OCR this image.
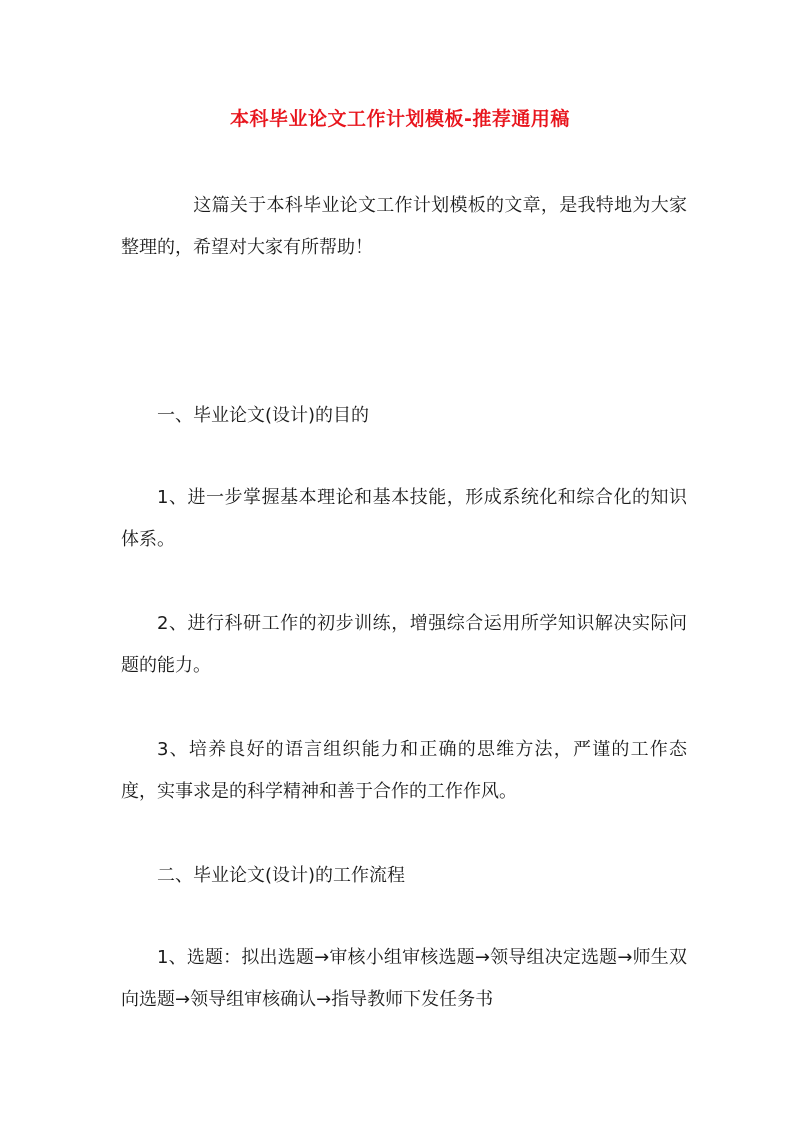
本科毕业论文工作计划模板-推荐通用稿

这篇关于本科毕业论文工作计划模板的文章，是我特地为大家整理的，希望对大家有所帮助！

一、毕业论文(设计)的目的

1、进一步掌握基本理论和基本技能，形成系统化和综合化的知识体系。

2、进行科研工作的初步训练，增强综合运用所学知识解决实际问题的能力。

3、培养良好的语言组织能力和正确的思维方法，严谨的工作态度，实事求是的科学精神和善于合作的工作作风。

二、毕业论文(设计)的工作流程

1、选题：拟出选题→审核小组审核选题→领导组决定选题→师生双向选题→领导组审核确认→指导教师下发任务书
